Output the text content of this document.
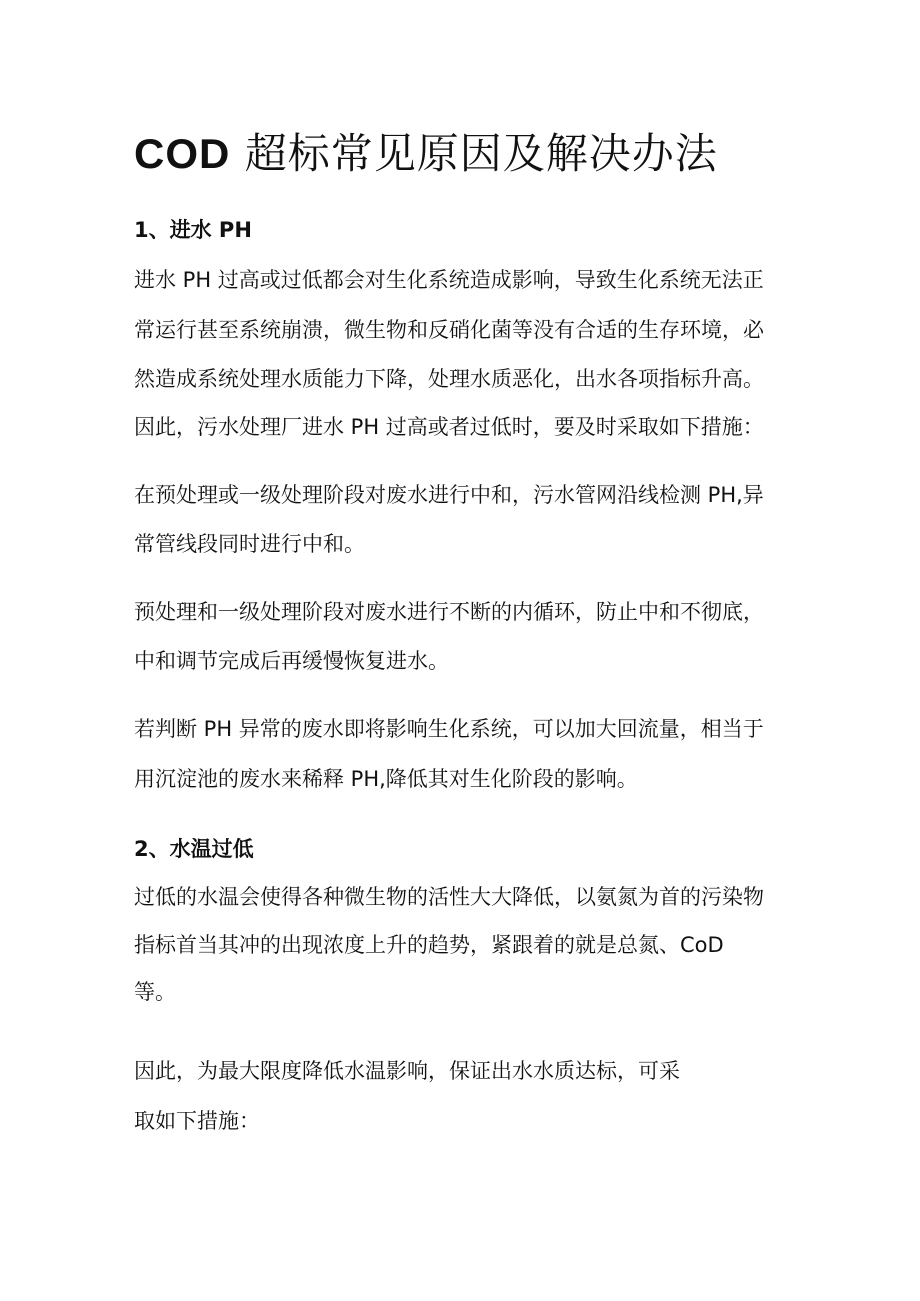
COD 超标常见原因及解决办法
1、进水 PH

进水 PH 过高或过低都会对生化系统造成影响，导致生化系统无法正

常运行甚至系统崩溃，微生物和反硝化菌等没有合适的生存环境，必

然造成系统处理水质能力下降，处理水质恶化，出水各项指标升高。

因此，污水处理厂进水 PH 过高或者过低时，要及时采取如下措施：

在预处理或一级处理阶段对废水进行中和，污水管网沿线检测 PH,异

常管线段同时进行中和。

预处理和一级处理阶段对废水进行不断的内循环，防止中和不彻底，

中和调节完成后再缓慢恢复进水。

若判断 PH 异常的废水即将影响生化系统，可以加大回流量，相当于

用沉淀池的废水来稀释 PH,降低其对生化阶段的影响。

2、水温过低

过低的水温会使得各种微生物的活性大大降低，以氨氮为首的污染物

指标首当其冲的出现浓度上升的趋势，紧跟着的就是总氮、CoD

等。

因此，为最大限度降低水温影响，保证出水水质达标，可采

取如下措施：
